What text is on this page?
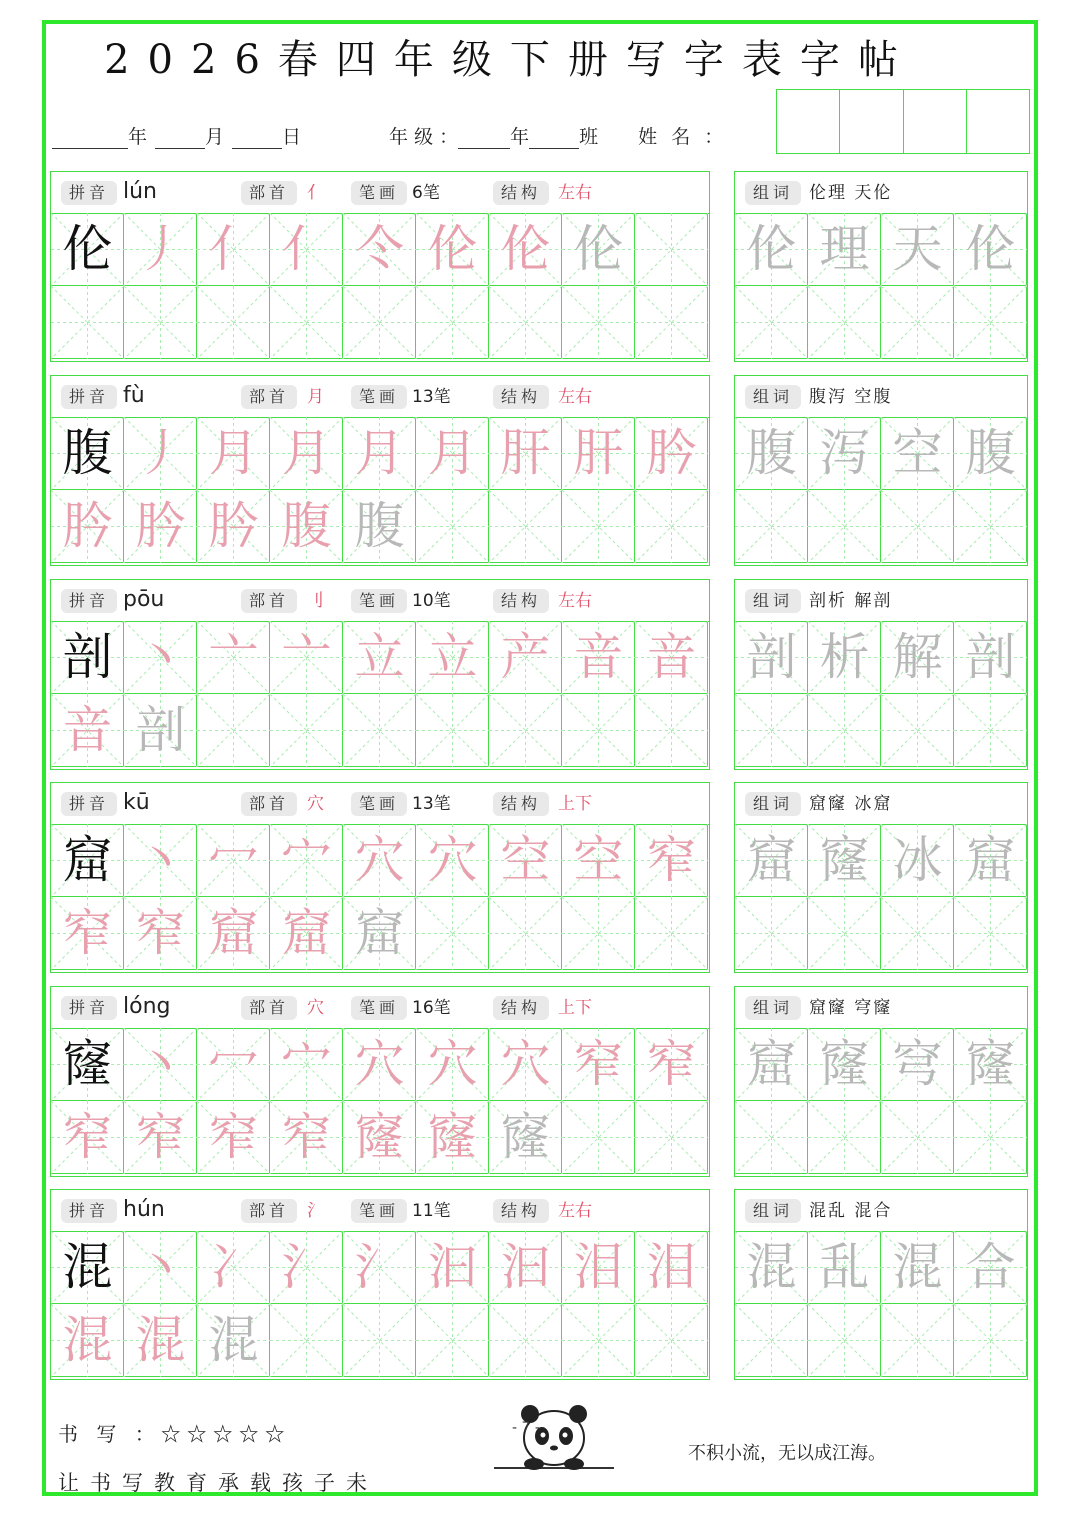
2026春四年级下册写字表字帖
年	月	日	年 级 ：	年	班 姓 名 ：
拼音 lún	部首	亻	笔画 6笔	结构 左右
伦 丿 亻 亻 仒 伦 伦 伦
组词 伦理 天伦
伦 理 天 伦
拼音 fù	部首	月	笔画 13笔	结构 左右
腹 丿 月 月 月 月 肝 肝 肣
肣 肣 肣 腹 腹
组词 腹泻 空腹
腹 泻 空 腹
拼音 pōu	部首	刂	笔画 10笔	结构 左右
剖 丶 亠 亠 立 立 产 音 音
音 剖
组词 剖析 解剖
剖 析 解 剖
拼音 kū	部首	穴	笔画 13笔	结构 上下
窟 丶 冖 宀 穴 穴 空 空 窄
窄 窄 窟 窟 窟
组词 窟窿 冰窟
窟 窿 冰 窟
拼音 lóng	部首	穴	笔画 16笔	结构 上下
窿 丶 冖 宀 穴 穴 穴 窄 窄
窄 窄 窄 窄 窿 窿 窿
组词 窟窿 穹窿
窟 窿 穹 窿
拼音 hún	部首	氵	笔画 11笔	结构 左右
混 丶 冫 氵 氵 汩 汩 泪 泪
混 混 混
组词 混乱 混合
混 乱 混 合
书 写 ：☆☆☆☆☆
让书写教育承载孩子未
- 7 -
不积小流，无以成江海。
